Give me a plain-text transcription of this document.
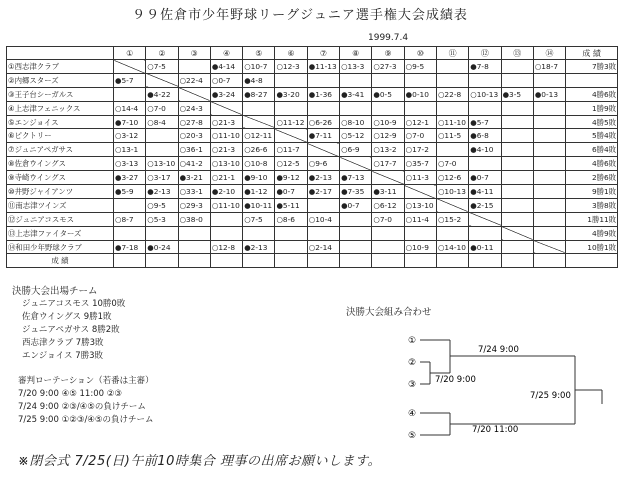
９９佐倉市少年野球リーグジュニア選手権大会成績表
1999.7.4
	①	②	③	④	⑤	⑥	⑦	⑧	⑨	⑩	⑪	⑫	⑬	⑭	成 績
①西志津クラブ		○7-5		●4-14	○10-7	○12-3	●11-13	○13-3	○27-3	○9-5		●7-8		○18-7	7勝3敗
②内郷スターズ	●5-7		○22-4	○0-7	●4-8										
③王子台シーガルス		●4-22		●3-24	●8-27	●3-20	●1-36	●3-41	●0-5	●0-10	○22-8	○10-13	●3-5	●0-13	4勝6敗
④上志津フェニックス	○14-4	○7-0	○24-3												1勝9敗
⑤エンジョイス	●7-10	○8-4	○27-8	○21-3		○11-12	○6-26	○8-10	○10-9	○12-1	○11-10	●5-7			4勝5敗
⑥ピクトリー	○3-12		○20-3	○11-10	○12-11		●7-11	○5-12	○12-9	○7-0	○11-5	●6-8			5勝4敗
⑦ジュニアペガサス	○13-1		○36-1	○21-3	○26-6	○11-7		○6-9	○13-2	○17-2		●4-10			6勝4敗
⑧佐倉ウイングス	○3-13	○13-10	○41-2	○13-10	○10-8	○12-5	○9-6		○17-7	○35-7	○7-0				4勝6敗
⑨寺崎ウイングス	●3-27	○3-17	●3-21	○21-1	●9-10	●9-12	●2-13	●7-13		○11-3	○12-6	●0-7			2勝6敗
⑩井野ジャイアンツ	●5-9	●2-13	○33-1	●2-10	●1-12	●0-7	●2-17	●7-35	●3-11		○10-13	●4-11			9勝1敗
⑪南志津ツインズ		○9-5	○29-3	○11-10	●10-11	●5-11		●0-7	○6-12	○13-10		●2-15			3勝8敗
⑫ジュニアコスモス	○8-7	○5-3	○38-0		○7-5	○8-6	○10-4		○7-0	○11-4	○15-2				1勝11敗
⑬上志津ファイターズ															4勝9敗
⑭和田少年野球クラブ	●7-18	●0-24		○12-8	●2-13		○2-14			○10-9	○14-10	●0-11			10勝1敗
成 績															
決勝大会出場チーム
ジュニアコスモス 10勝0敗
佐倉ウイングス 9勝1敗
ジュニアペガサス 8勝2敗
西志津クラブ 7勝3敗
エンジョイス 7勝3敗
審判ローテーション（若番は主審）
7/20 9:00 ④⑤ 11:00 ②③
7/24 9:00 ②③/④⑤の負けチーム
7/25 9:00 ①②③/④⑤の負けチーム
決勝大会組み合わせ
①
②
③
④
⑤
7/24 9:00
7/20 9:00
7/25 9:00
7/20 11:00
※閉会式 7/25(日)午前10時集合 理事の出席お願いします。
